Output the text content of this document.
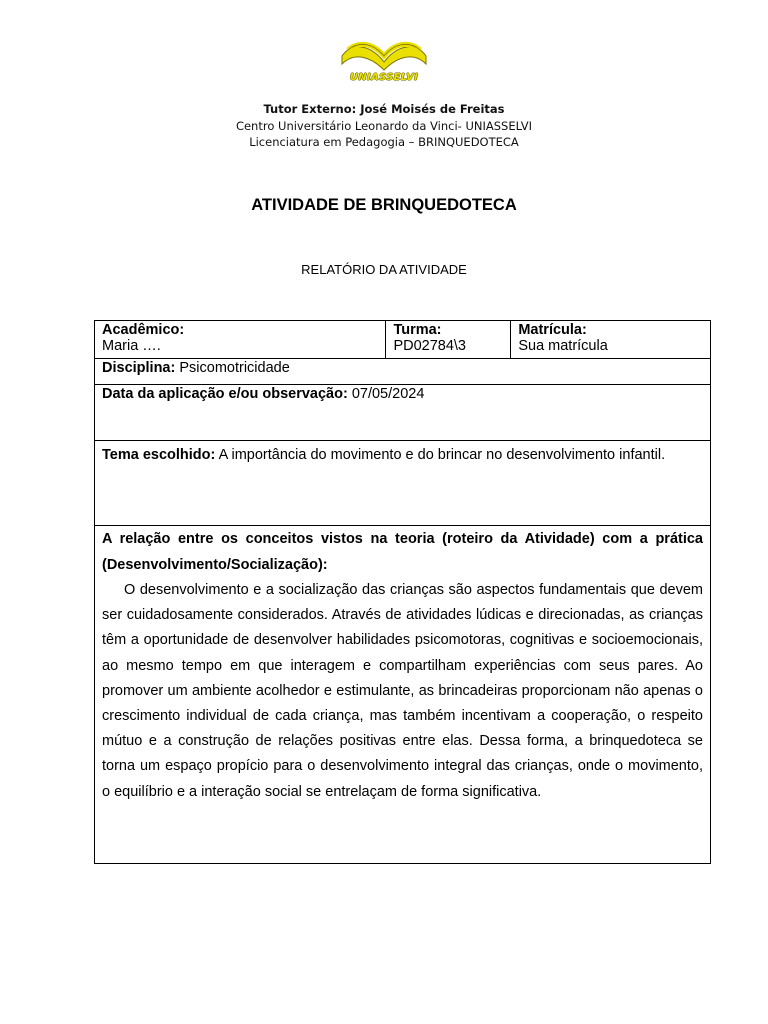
UNIASSELVI
Tutor Externo: José Moisés de Freitas
Centro Universitário Leonardo da Vinci- UNIASSELVI
Licenciatura em Pedagogia – BRINQUEDOTECA
ATIVIDADE DE BRINQUEDOTECA
RELATÓRIO DA ATIVIDADE
Acadêmico:
Maria ….

Turma:
PD02784\3

Matrícula:
Sua matrícula

Disciplina: Psicomotricidade
Data da aplicação e/ou observação: 07/05/2024
Tema escolhido: A importância do movimento e do brincar no desenvolvimento infantil.

A relação entre os conceitos vistos na teoria (roteiro da Atividade) com a prática (Desenvolvimento/Socialização):

O desenvolvimento e a socialização das crianças são aspectos fundamentais que devem ser cuidadosamente considerados. Através de atividades lúdicas e direcionadas, as crianças têm a oportunidade de desenvolver habilidades psicomotoras, cognitivas e socioemocionais, ao mesmo tempo em que interagem e compartilham experiências com seus pares. Ao promover um ambiente acolhedor e estimulante, as brincadeiras proporcionam não apenas o crescimento individual de cada criança, mas também incentivam a cooperação, o respeito mútuo e a construção de relações positivas entre elas. Dessa forma, a brinquedoteca se torna um espaço propício para o desenvolvimento integral das crianças, onde o movimento, o equilíbrio e a interação social se entrelaçam de forma significativa.
